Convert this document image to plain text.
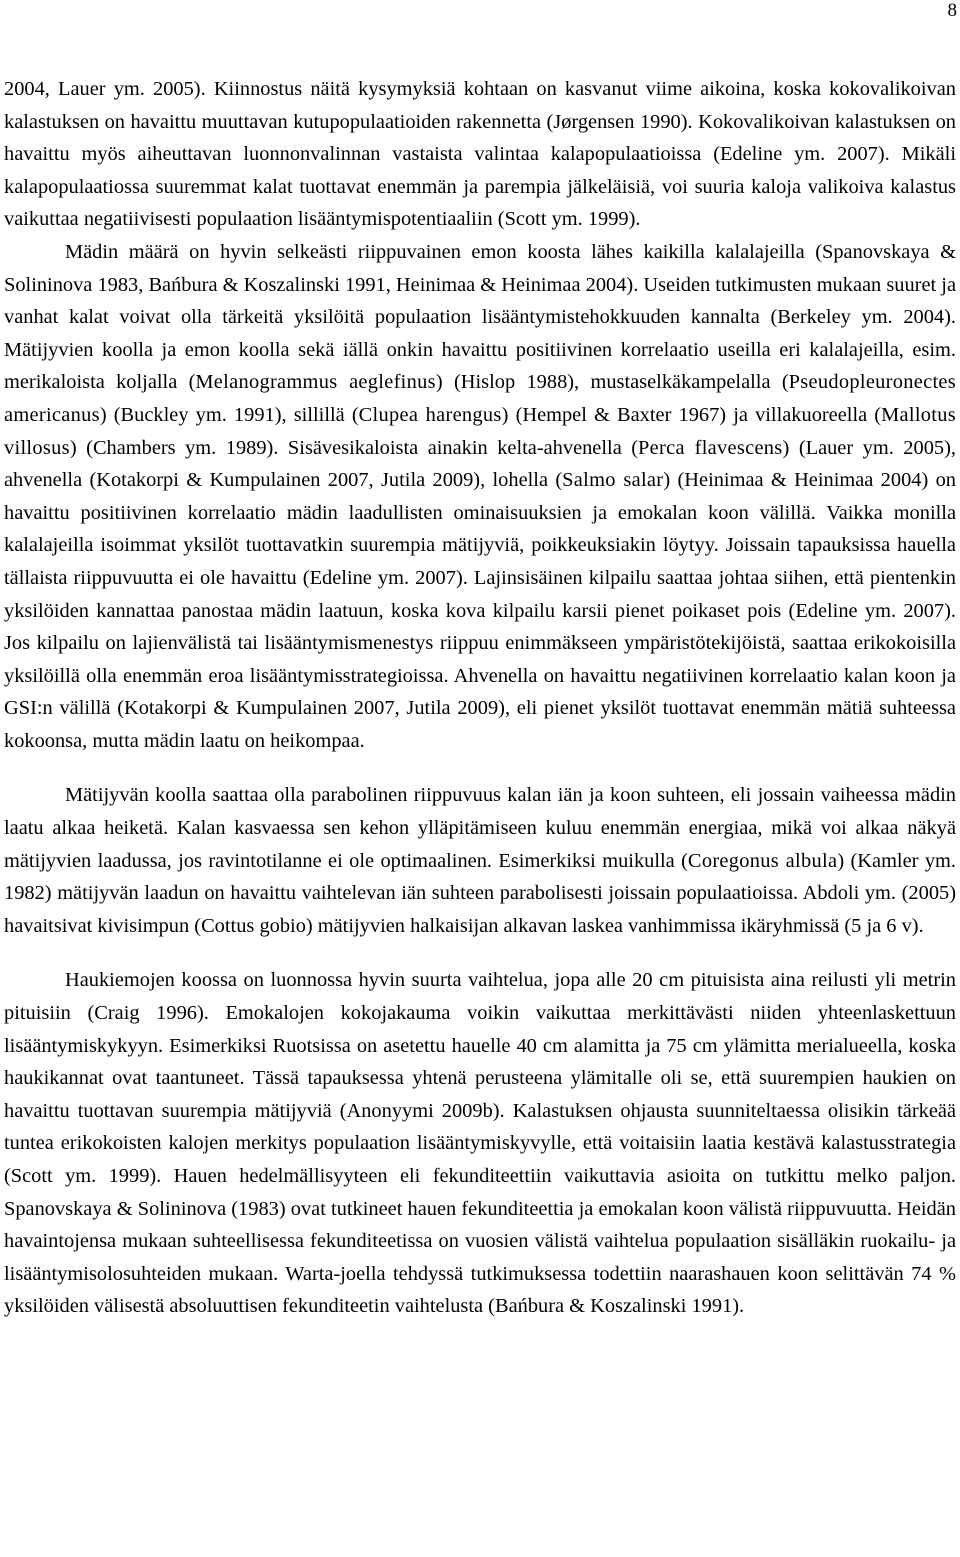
8

2004, Lauer ym. 2005). Kiinnostus näitä kysymyksiä kohtaan on kasvanut viime aikoina, koska kokovalikoivan kalastuksen on havaittu muuttavan kutupopulaatioiden rakennetta (Jørgensen 1990). Kokovalikoivan kalastuksen on havaittu myös aiheuttavan luonnonvalinnan vastaista valintaa kalapopulaatioissa (Edeline ym. 2007). Mikäli kalapopulaatiossa suuremmat kalat tuottavat enemmän ja parempia jälkeläisiä, voi suuria kaloja valikoiva kalastus vaikuttaa negatiivisesti populaation lisääntymispotentiaaliin (Scott ym. 1999).

Mädin määrä on hyvin selkeästi riippuvainen emon koosta lähes kaikilla kalalajeilla (Spanovskaya & Solininova 1983, Bańbura & Koszalinski 1991, Heinimaa & Heinimaa 2004). Useiden tutkimusten mukaan suuret ja vanhat kalat voivat olla tärkeitä yksilöitä populaation lisääntymistehokkuuden kannalta (Berkeley ym. 2004). Mätijyvien koolla ja emon koolla sekä iällä onkin havaittu positiivinen korrelaatio useilla eri kalalajeilla, esim. merikaloista koljalla (Melanogrammus aeglefinus) (Hislop 1988), mustaselkäkampelalla (Pseudopleuronectes americanus) (Buckley ym. 1991), sillillä (Clupea harengus) (Hempel & Baxter 1967) ja villakuoreella (Mallotus villosus) (Chambers ym. 1989). Sisävesikaloista ainakin kelta-ahvenella (Perca flavescens) (Lauer ym. 2005), ahvenella (Kotakorpi & Kumpulainen 2007, Jutila 2009), lohella (Salmo salar) (Heinimaa & Heinimaa 2004) on havaittu positiivinen korrelaatio mädin laadullisten ominaisuuksien ja emokalan koon välillä. Vaikka monilla kalalajeilla isoimmat yksilöt tuottavatkin suurempia mätijyviä, poikkeuksiakin löytyy. Joissain tapauksissa hauella tällaista riippuvuutta ei ole havaittu (Edeline ym. 2007). Lajinsisäinen kilpailu saattaa johtaa siihen, että pientenkin yksilöiden kannattaa panostaa mädin laatuun, koska kova kilpailu karsii pienet poikaset pois (Edeline ym. 2007). Jos kilpailu on lajienvälistä tai lisääntymismenestys riippuu enimmäkseen ympäristötekijöistä, saattaa erikokoisilla yksilöillä olla enemmän eroa lisääntymisstrategioissa. Ahvenella on havaittu negatiivinen korrelaatio kalan koon ja GSI:n välillä (Kotakorpi & Kumpulainen 2007, Jutila 2009), eli pienet yksilöt tuottavat enemmän mätiä suhteessa kokoonsa, mutta mädin laatu on heikompaa.

Mätijyvän koolla saattaa olla parabolinen riippuvuus kalan iän ja koon suhteen, eli jossain vaiheessa mädin laatu alkaa heiketä. Kalan kasvaessa sen kehon ylläpitämiseen kuluu enemmän energiaa, mikä voi alkaa näkyä mätijyvien laadussa, jos ravintotilanne ei ole optimaalinen. Esimerkiksi muikulla (Coregonus albula) (Kamler ym. 1982) mätijyvän laadun on havaittu vaihtelevan iän suhteen parabolisesti joissain populaatioissa. Abdoli ym. (2005) havaitsivat kivisimpun (Cottus gobio) mätijyvien halkaisijan alkavan laskea vanhimmissa ikäryhmissä (5 ja 6 v).

Haukiemojen koossa on luonnossa hyvin suurta vaihtelua, jopa alle 20 cm pituisista aina reilusti yli metrin pituisiin (Craig 1996). Emokalojen kokojakauma voikin vaikuttaa merkittävästi niiden yhteenlaskettuun lisääntymiskykyyn. Esimerkiksi Ruotsissa on asetettu hauelle 40 cm alamitta ja 75 cm ylämitta merialueella, koska haukikannat ovat taantuneet. Tässä tapauksessa yhtenä perusteena ylämitalle oli se, että suurempien haukien on havaittu tuottavan suurempia mätijyviä (Anonyymi 2009b). Kalastuksen ohjausta suunniteltaessa olisikin tärkeää tuntea erikokoisten kalojen merkitys populaation lisääntymiskyvylle, että voitaisiin laatia kestävä kalastusstrategia (Scott ym. 1999). Hauen hedelmällisyyteen eli fekunditeettiin vaikuttavia asioita on tutkittu melko paljon. Spanovskaya & Solininova (1983) ovat tutkineet hauen fekunditeettia ja emokalan koon välistä riippuvuutta. Heidän havaintojensa mukaan suhteellisessa fekunditeetissa on vuosien välistä vaihtelua populaation sisälläkin ruokailu- ja lisääntymisolosuhteiden mukaan. Warta-joella tehdyssä tutkimuksessa todettiin naarashauen koon selittävän 74 % yksilöiden välisestä absoluuttisen fekunditeetin vaihtelusta (Bańbura & Koszalinski 1991).
